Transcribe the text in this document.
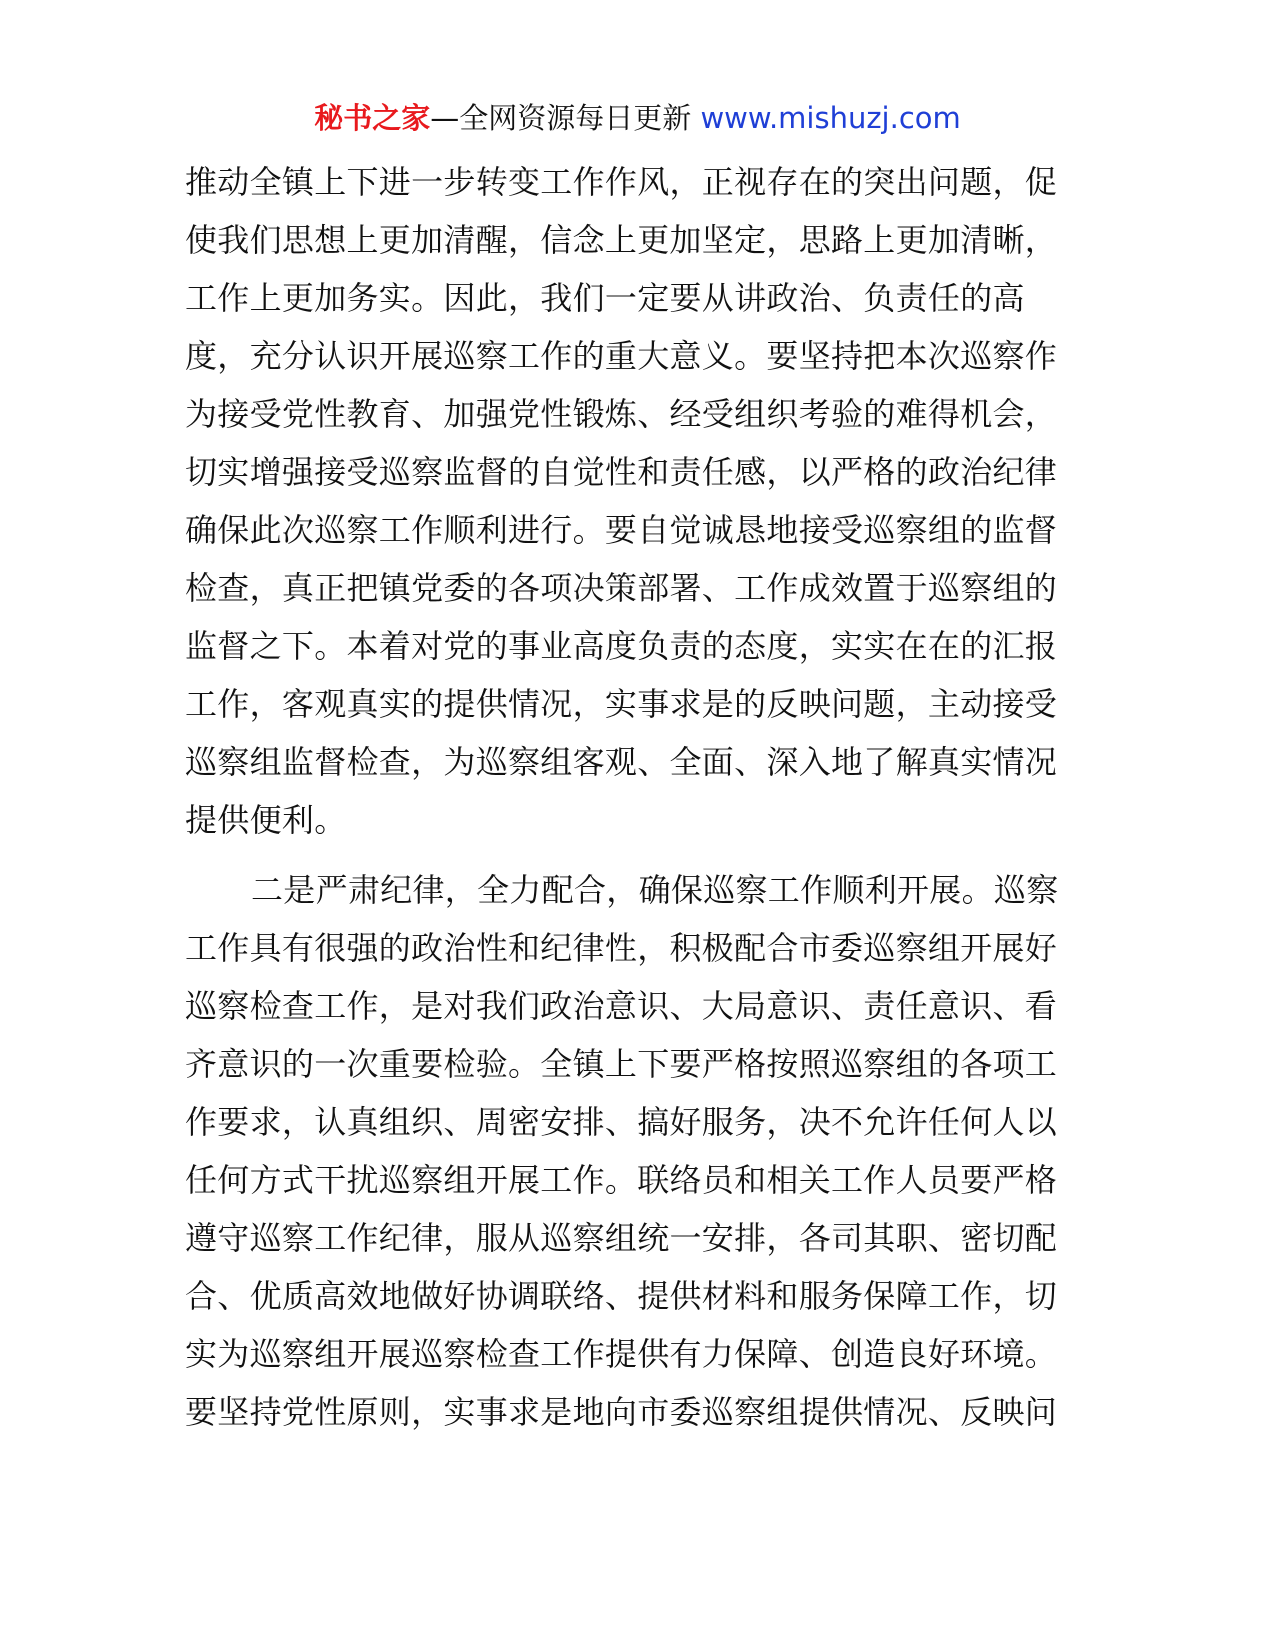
秘书之家—全网资源每日更新 www.mishuzj.com
推动全镇上下进一步转变工作作风，正视存在的突出问题，促
使我们思想上更加清醒，信念上更加坚定，思路上更加清晰，
工作上更加务实。因此，我们一定要从讲政治、负责任的高
度，充分认识开展巡察工作的重大意义。要坚持把本次巡察作
为接受党性教育、加强党性锻炼、经受组织考验的难得机会，
切实增强接受巡察监督的自觉性和责任感，以严格的政治纪律
确保此次巡察工作顺利进行。要自觉诚恳地接受巡察组的监督
检查，真正把镇党委的各项决策部署、工作成效置于巡察组的
监督之下。本着对党的事业高度负责的态度，实实在在的汇报
工作，客观真实的提供情况，实事求是的反映问题，主动接受
巡察组监督检查，为巡察组客观、全面、深入地了解真实情况
提供便利。
二是严肃纪律，全力配合，确保巡察工作顺利开展。巡察
工作具有很强的政治性和纪律性，积极配合市委巡察组开展好
巡察检查工作，是对我们政治意识、大局意识、责任意识、看
齐意识的一次重要检验。全镇上下要严格按照巡察组的各项工
作要求，认真组织、周密安排、搞好服务，决不允许任何人以
任何方式干扰巡察组开展工作。联络员和相关工作人员要严格
遵守巡察工作纪律，服从巡察组统一安排，各司其职、密切配
合、优质高效地做好协调联络、提供材料和服务保障工作，切
实为巡察组开展巡察检查工作提供有力保障、创造良好环境。
要坚持党性原则，实事求是地向市委巡察组提供情况、反映问
